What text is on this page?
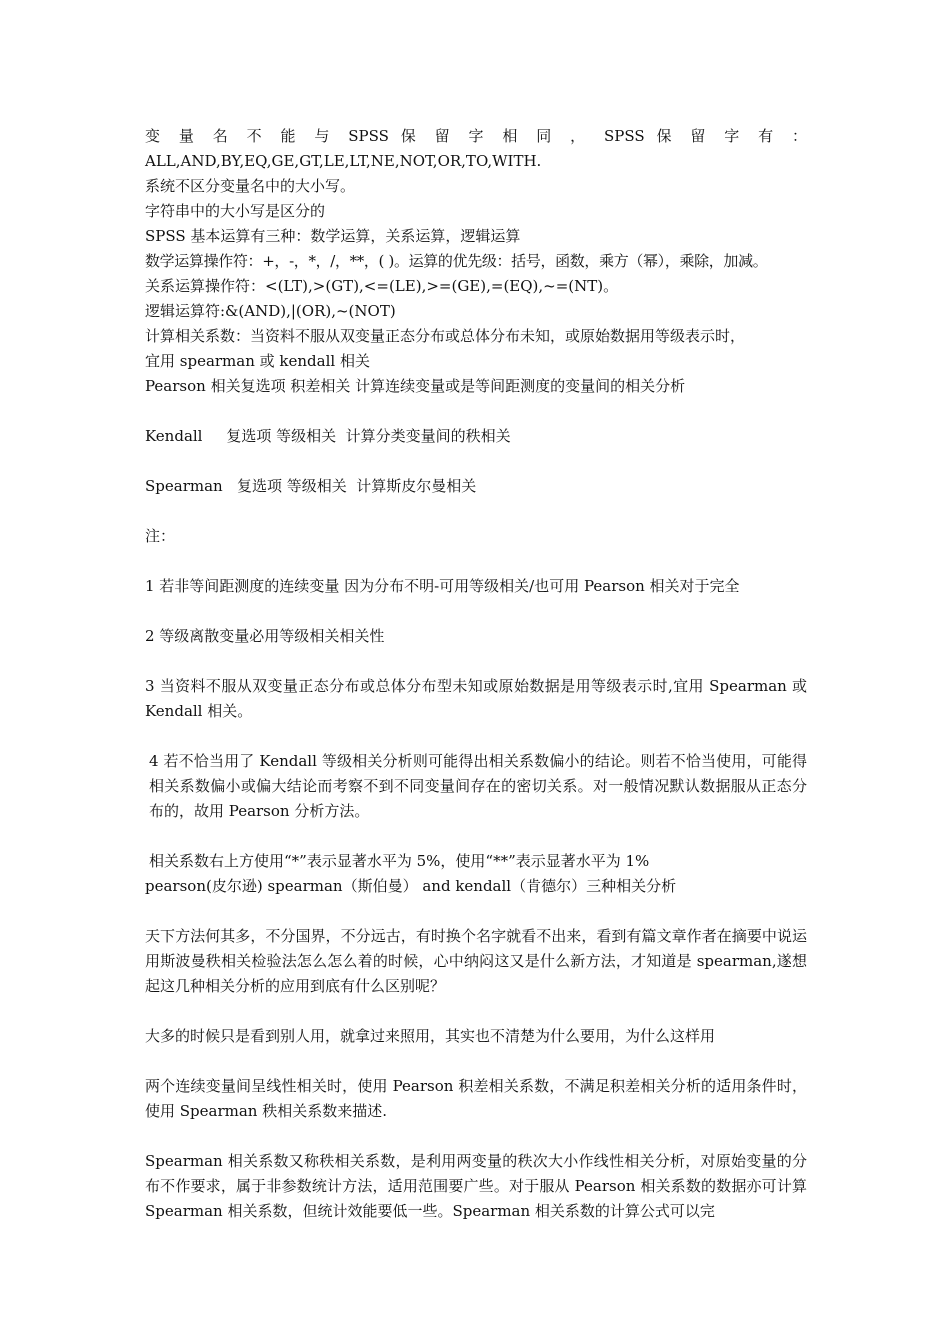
变 量 名 不 能 与 SPSS 保 留 字 相 同 ， SPSS 保 留 字 有 ：
ALL,AND,BY,EQ,GE,GT,LE,LT,NE,NOT,OR,TO,WITH.
系统不区分变量名中的大小写。
字符串中的大小写是区分的
SPSS 基本运算有三种：数学运算，关系运算，逻辑运算
数学运算操作符：+，-，*，/，**，( )。运算的优先级：括号，函数，乘方（幂），乘除，加减。
关系运算操作符：<(LT),>(GT),<=(LE),>=(GE),=(EQ),~=(NT)。
逻辑运算符:&(AND),|(OR),~(NOT)
计算相关系数：当资料不服从双变量正态分布或总体分布未知，或原始数据用等级表示时，
宜用 spearman 或 kendall 相关
Pearson 相关复选项 积差相关 计算连续变量或是等间距测度的变量间的相关分析
Kendall     复选项 等级相关  计算分类变量间的秩相关
Spearman   复选项 等级相关  计算斯皮尔曼相关
注：
1 若非等间距测度的连续变量 因为分布不明-可用等级相关/也可用 Pearson 相关对于完全
2 等级离散变量必用等级相关相关性
3 当资料不服从双变量正态分布或总体分布型未知或原始数据是用等级表示时,宜用 Spearman 或 Kendall 相关。
4 若不恰当用了 Kendall 等级相关分析则可能得出相关系数偏小的结论。则若不恰当使用，可能得相关系数偏小或偏大结论而考察不到不同变量间存在的密切关系。对一般情况默认数据服从正态分布的，故用 Pearson 分析方法。
相关系数右上方使用“*”表示显著水平为 5%，使用“**”表示显著水平为 1%
pearson(皮尔逊) spearman（斯伯曼） and kendall（肯德尔）三种相关分析
天下方法何其多，不分国界，不分远古，有时换个名字就看不出来，看到有篇文章作者在摘要中说运用斯波曼秩相关检验法怎么怎么着的时候，心中纳闷这又是什么新方法，才知道是 spearman,遂想起这几种相关分析的应用到底有什么区别呢？
大多的时候只是看到别人用，就拿过来照用，其实也不清楚为什么要用，为什么这样用
两个连续变量间呈线性相关时，使用 Pearson 积差相关系数，不满足积差相关分析的适用条件时，使用 Spearman 秩相关系数来描述.
Spearman 相关系数又称秩相关系数，是利用两变量的秩次大小作线性相关分析，对原始变量的分布不作要求，属于非参数统计方法，适用范围要广些。对于服从 Pearson 相关系数的数据亦可计算 Spearman 相关系数，但统计效能要低一些。Spearman 相关系数的计算公式可以完
